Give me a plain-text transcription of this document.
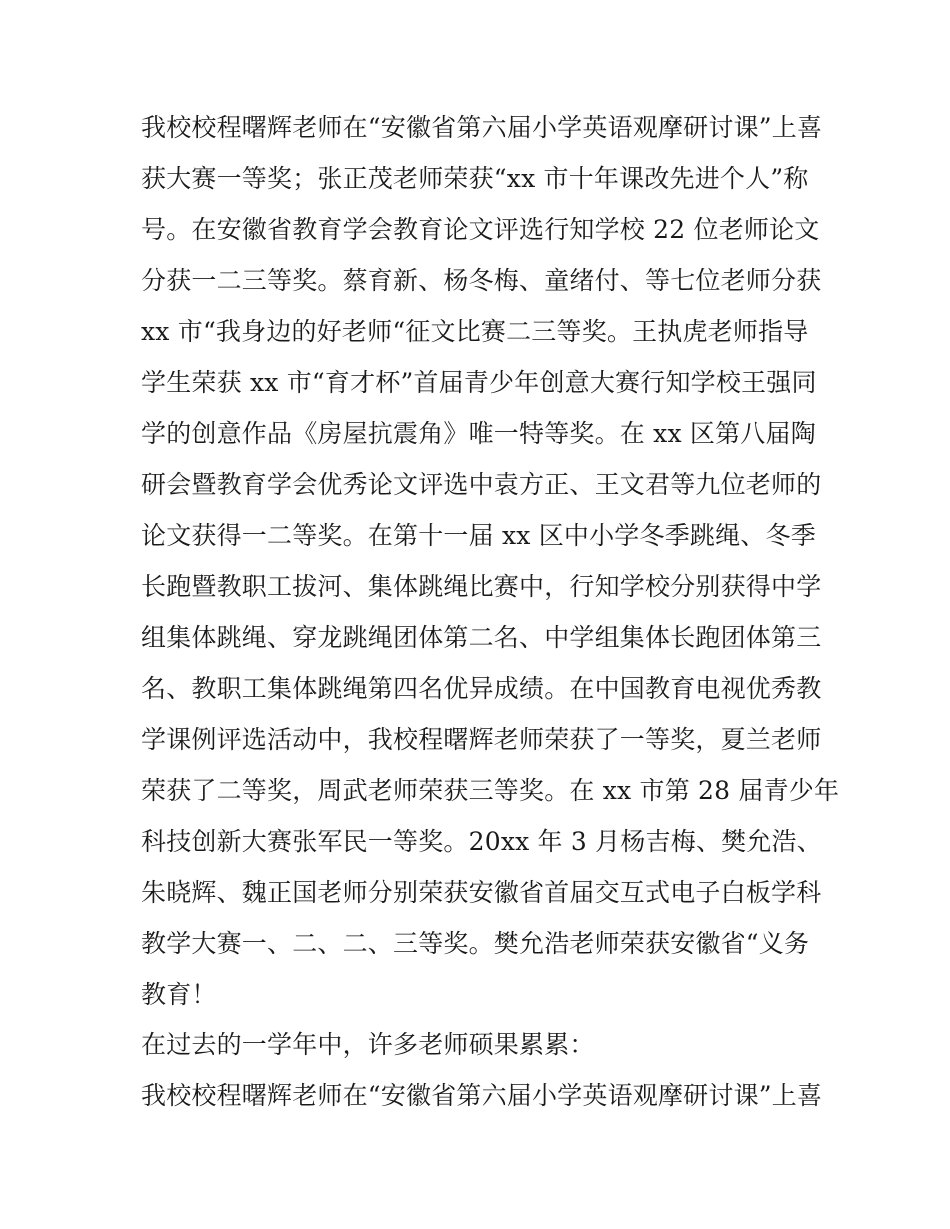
我校校程曙辉老师在“安徽省第六届小学英语观摩研讨课”上喜
获大赛一等奖；张正茂老师荣获“xx 市十年课改先进个人”称
号。在安徽省教育学会教育论文评选行知学校 22 位老师论文
分获一二三等奖。蔡育新、杨冬梅、童绪付、等七位老师分获
xx 市“我身边的好老师“征文比赛二三等奖。王执虎老师指导
学生荣获 xx 市“育才杯”首届青少年创意大赛行知学校王强同
学的创意作品《房屋抗震角》唯一特等奖。在 xx 区第八届陶
研会暨教育学会优秀论文评选中袁方正、王文君等九位老师的
论文获得一二等奖。在第十一届 xx 区中小学冬季跳绳、冬季
长跑暨教职工拔河、集体跳绳比赛中，行知学校分别获得中学
组集体跳绳、穿龙跳绳团体第二名、中学组集体长跑团体第三
名、教职工集体跳绳第四名优异成绩。在中国教育电视优秀教
学课例评选活动中，我校程曙辉老师荣获了一等奖，夏兰老师
荣获了二等奖，周武老师荣获三等奖。在 xx 市第 28 届青少年
科技创新大赛张军民一等奖。20xx 年 3 月杨吉梅、樊允浩、
朱晓辉、魏正国老师分别荣获安徽省首届交互式电子白板学科
教学大赛一、二、二、三等奖。樊允浩老师荣获安徽省“义务
教育！
在过去的一学年中，许多老师硕果累累：
我校校程曙辉老师在“安徽省第六届小学英语观摩研讨课”上喜
